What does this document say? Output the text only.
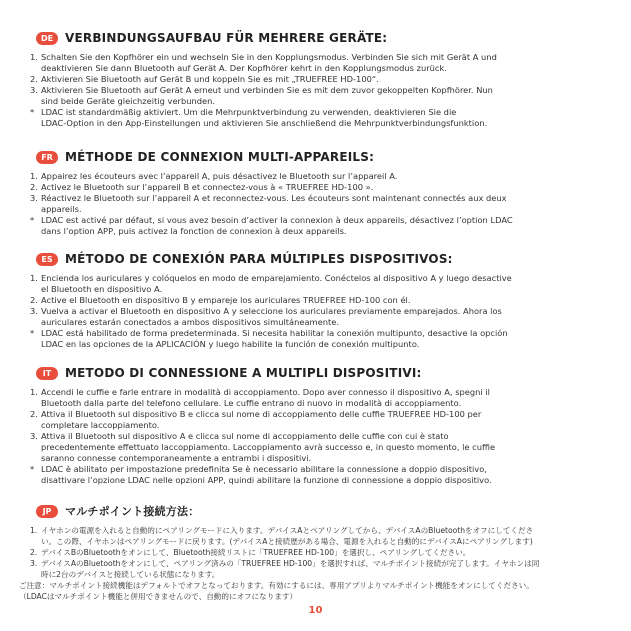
DE VERBINDUNGSAUFBAU FÜR MEHRERE GERÄTE:
1. Schalten Sie den Kopfhörer ein und wechseln Sie in den Kopplungsmodus. Verbinden Sie sich mit Gerät A und
deaktivieren Sie dann Bluetooth auf Gerät A. Der Kopfhörer kehrt in den Kopplungsmodus zurück.
2. Aktivieren Sie Bluetooth auf Gerät B und koppeln Sie es mit „TRUEFREE HD-100“.
3. Aktivieren Sie Bluetooth auf Gerät A erneut und verbinden Sie es mit dem zuvor gekoppelten Kopfhörer. Nun
sind beide Geräte gleichzeitig verbunden.
* LDAC ist standardmäßig aktiviert. Um die Mehrpunktverbindung zu verwenden, deaktivieren Sie die
LDAC-Option in den App-Einstellungen und aktivieren Sie anschließend die Mehrpunktverbindungsfunktion.
FR	MÉTHODE DE CONNEXION MULTI-APPAREILS:
1. Appairez les écouteurs avec l’appareil A, puis désactivez le Bluetooth sur l’appareil A.
2. Activez le Bluetooth sur l’appareil B et connectez-vous à « TRUEFREE HD-100 ».
3. Réactivez le Bluetooth sur l’appareil A et reconnectez-vous. Les écouteurs sont maintenant connectés aux deux
appareils.
* LDAC est activé par défaut, si vous avez besoin d’activer la connexion à deux appareils, désactivez l’option LDAC
dans l’option APP, puis activez la fonction de connexion à deux appareils.
ES	MÉTODO DE CONEXIÓN PARA MÚLTIPLES DISPOSITIVOS:
1. Encienda los auriculares y colóquelos en modo de emparejamiento. Conéctelos al dispositivo A y luego desactive
el Bluetooth en dispositivo A.
2. Active el Bluetooth en dispositivo B y empareje los auriculares TRUEFREE HD-100 con él.
3. Vuelva a activar el Bluetooth en dispositivo A y seleccione los auriculares previamente emparejados. Ahora los
auriculares estarán conectados a ambos dispositivos simultáneamente.
* LDAC está habilitado de forma predeterminada. Si necesita habilitar la conexión multipunto, desactive la opción
LDAC en las opciones de la APLICACIÓN y luego habilite la función de conexión multipunto.
IT	METODO DI CONNESSIONE A MULTIPLI DISPOSITIVI:
1. Accendi le cuffie e farle entrare in modalità di accoppiamento. Dopo aver connesso il dispositivo A, spegni il
Bluetooth dalla parte del telefono cellulare. Le cuffie entrano di nuovo in modalità di accoppiamento.
2. Attiva il Bluetooth sul dispositivo B e clicca sul nome di accoppiamento delle cuffie TRUEFREE HD-100 per
completare laccoppiamento.
3. Attiva il Bluetooth sul dispositivo A e clicca sul nome di accoppiamento delle cuffie con cui è stato
precedentemente effettuato laccoppiamento. Laccoppiamento avrà successo e, in questo momento, le cuffie
saranno connesse contemporaneamente a entrambi i dispositivi.
* LDAC è abilitato per impostazione predefinita Se è necessario abilitare la connessione a doppio dispositivo,
disattivare l’opzione LDAC nelle opzioni APP, quindi abilitare la funzione di connessione a doppio dispositivo.
JP	マルチポイント接続方法：
1. イヤホンの電源を入れると自動的にペアリングモードに入ります。デバイスAとペアリングしてから、デバイスAのBluetoothをオフにしてくださ
い。この際、イヤホンはペアリングモードに戻ります。(デバイスAと接続歴がある場合、電源を入れると自動的にデバイスAにペアリングします)
2. デバイスBのBluetoothをオンにして、Bluetooth接続リストに「TRUEFREE HD-100」を選択し、ペアリングしてください。
3. デバイスAのBluetoothをオンにして、ペアリング済みの「TRUEFREE HD-100」を選択すれば、マルチポイント接続が完了します。イヤホンは同
時に2台のデバイスと接続している状態になります。
ご注意：マルチポイント接続機能はデフォルトでオフとなっております。有効にするには、専用アプリよりマルチポイント機能をオンにしてください。
（LDACはマルチポイント機能と併用できませんので、自動的にオフになります）
10
